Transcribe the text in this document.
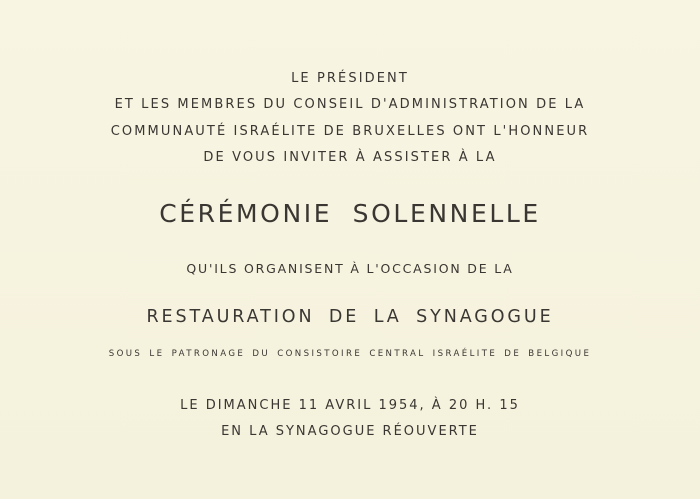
LE PRÉSIDENT
ET LES MEMBRES DU CONSEIL D'ADMINISTRATION DE LA
COMMUNAUTÉ ISRAÉLITE DE BRUXELLES ONT L'HONNEUR
DE VOUS INVITER À ASSISTER À LA
CÉRÉMONIE SOLENNELLE
QU'ILS ORGANISENT À L'OCCASION DE LA
RESTAURATION DE LA SYNAGOGUE
SOUS LE PATRONAGE DU CONSISTOIRE CENTRAL ISRAÉLITE DE BELGIQUE
LE DIMANCHE 11 AVRIL 1954, À 20 H. 15
EN LA SYNAGOGUE RÉOUVERTE
